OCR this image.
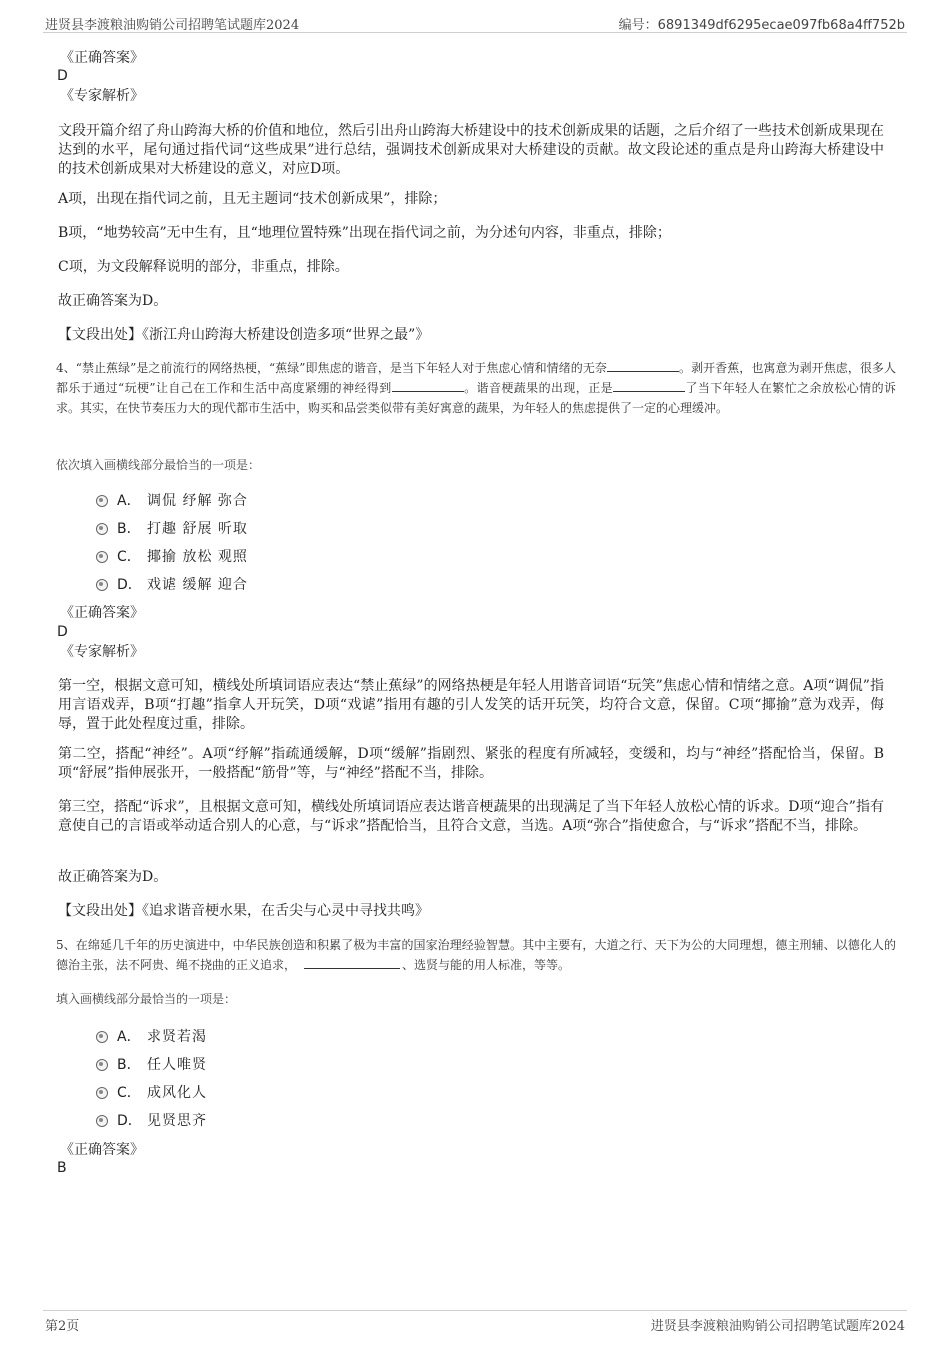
进贤县李渡粮油购销公司招聘笔试题库2024	编号：6891349df6295ecae097fb68a4ff752b
《正确答案》
D
《专家解析》
文段开篇介绍了舟山跨海大桥的价值和地位，然后引出舟山跨海大桥建设中的技术创新成果的话题，之后介绍了一些技术创新成果现在达到的水平，尾句通过指代词“这些成果”进行总结，强调技术创新成果对大桥建设的贡献。故文段论述的重点是舟山跨海大桥建设中的技术创新成果对大桥建设的意义，对应D项。
A项，出现在指代词之前，且无主题词“技术创新成果”，排除；
B项，“地势较高”无中生有，且“地理位置特殊”出现在指代词之前，为分述句内容，非重点，排除；
C项，为文段解释说明的部分，非重点，排除。
故正确答案为D。
【文段出处】《浙江舟山跨海大桥建设创造多项“世界之最”》
4、“禁止蕉绿”是之前流行的网络热梗，“蕉绿”即焦虑的谐音，是当下年轻人对于焦虑心情和情绪的无奈	。剥开香蕉，也寓意为剥开焦虑，很多人都乐于通过“玩梗”让自己在工作和生活中高度紧绷的神经得到	。谐音梗蔬果的出现，正是	了当下年轻人在繁忙之余放松心情的诉求。其实，在快节奏压力大的现代都市生活中，购买和品尝类似带有美好寓意的蔬果，为年轻人的焦虑提供了一定的心理缓冲。
依次填入画横线部分最恰当的一项是：
A． 调侃 纾解 弥合
B． 打趣 舒展 听取
C． 揶揄 放松 观照
D． 戏谑 缓解 迎合
《正确答案》
D
《专家解析》
第一空，根据文意可知，横线处所填词语应表达“禁止蕉绿”的网络热梗是年轻人用谐音词语“玩笑”焦虑心情和情绪之意。A项“调侃”指用言语戏弄，B项“打趣”指拿人开玩笑，D项“戏谑”指用有趣的引人发笑的话开玩笑，均符合文意，保留。C项“揶揄”意为戏弄，侮辱，置于此处程度过重，排除。
第二空，搭配“神经”。A项“纾解”指疏通缓解，D项“缓解”指剧烈、紧张的程度有所减轻，变缓和，均与“神经”搭配恰当，保留。B项“舒展”指伸展张开，一般搭配“筋骨”等，与“神经”搭配不当，排除。
第三空，搭配“诉求”，且根据文意可知，横线处所填词语应表达谐音梗蔬果的出现满足了当下年轻人放松心情的诉求。D项“迎合”指有意使自己的言语或举动适合别人的心意，与“诉求”搭配恰当，且符合文意，当选。A项“弥合”指使愈合，与“诉求”搭配不当，排除。
故正确答案为D。
【文段出处】《追求谐音梗水果，在舌尖与心灵中寻找共鸣》
5、在绵延几千年的历史演进中，中华民族创造和积累了极为丰富的国家治理经验智慧。其中主要有，大道之行、天下为公的大同理想，德主刑辅、以德化人的德治主张，法不阿贵、绳不挠曲的正义追求，	、选贤与能的用人标准，等等。
填入画横线部分最恰当的一项是：
A． 求贤若渴
B． 任人唯贤
C． 成风化人
D． 见贤思齐
《正确答案》
B
第2页	进贤县李渡粮油购销公司招聘笔试题库2024
